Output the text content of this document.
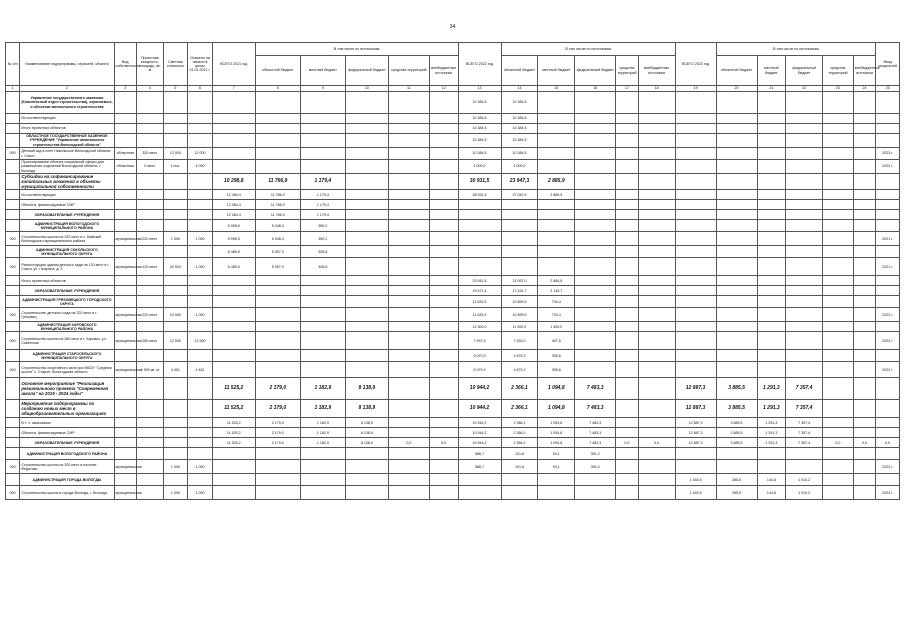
34
№ п/п	Наименование подпрограммы, отраслей, объекта	Вид собственности	Проектная мощность, площадь, кв. м	Сметная стоимость	Освоено на начало в ценах 01.01.2021 г.	ВСЕГО 2021 год	В том числе по источникам					ВСЕГО 2022 год	В том числе по источникам					ВСЕГО 2023 год	В том числе по источникам					Ввод мощностей
							областной бюджет	местный бюджет	федеральный бюджет	средства территорий	внебюджетные источники		областной бюджет	местный бюджет	федеральный бюджет	средства территорий	внебюджетные источники		областной бюджет	местный бюджет	федеральный бюджет	средства территорий	внебюджетные источники	
1	2	3	4	5	6	7	8	9	10	11	12	13	14	15	16	17	18	19	20	21	22	23	24	25
	Управление государственного заказчика (Комплексный отдел строительства), охраняемых, и объектов капитального строительства											10 384,5	10 384,5											
	Из соответствующих											10 384,5	10 384,5											
	Итого проектных объектов											10 384,5	10 384,5											
	ОБЛАСТНОЕ ГОСУДАРСТВЕННОЕ КАЗЕННОЕ УЧРЕЖДЕНИЕ "Управление капитального строительства Вологодской области"											10 384,5	10 384,5											
000	Детский сад в селе Никольское Вологодской области, г. Сокол	областная	320 мест	12 000	12 000							10 384,5	10 384,5											2023 г.
	Проектирование объекта социальной сферы для размещения отделений Вологодской области, г. Вологда	областная	0 мест	1 пос.	4 000							4 000,0	4 000,0											2022 г.
	Субсидии на софинансирование капитальных вложений в объекты муниципальной собственности					10 298,8	11 766,9	1 179,4				30 931,5	23 947,3	2 885,9										
	Из соответствующих					12 484,4	11 766,9	1 179,4				28 931,5	27 042,9	2 885,9										
	Объекты, финансируемые СМР					13 384,4	11 766,9	1 179,4																
	ОБРАЗОВАТЕЛЬНЫЕ УЧРЕЖДЕНИЯ					12 484,4	11 766,9	1 179,4																
	АДМИНИСТРАЦИЯ ВОЛОГОДСКОГО МУНИЦИПАЛЬНОГО РАЙОНА					5 998,5	5 048,3	950,2																
000	Строительство школы на 220 мест в с. Майский Вологодского муниципального района	муниципальная	220 мест	1 000	1 000	5 998,5	5 048,3	950,2																2021 г.
	АДМИНИСТРАЦИЯ СОКОЛЬСКОГО МУНИЦИПАЛЬНОГО ОКРУГА					6 485,9	5 957,3	528,6																
000	Реконструкция здания детского сада на 120 мест в г. Сокол, ул. Гагарина, д. 3	муниципальная	120 мест	20 534	1 000	6 485,9	5 957,3	528,6																2021 г.
	Итого проектных объектов											23 941,5	21 057,0	2 884,5										
	ОБРАЗОВАТЕЛЬНЫЕ УЧРЕЖДЕНИЯ											19 571,4	17 431,7	2 139,7										
	АДМИНИСТРАЦИЯ ГРЯЗОВЕЦКОГО ГОРОДСКОГО ОКРУГА											11 633,9	10 899,5	734,4										
000	Строительство детского сада на 220 мест в г. Грязовец	муниципальная	220 мест	10 000	1 000							11 633,9	10 899,5	734,4										2022 г.
	АДМИНИСТРАЦИЯ ХАРОВСКОГО МУНИЦИПАЛЬНОГО РАЙОНА											12 300,0	11 000,0	1 300,0										
000	Строительство школы на 280 мест в г. Харовск, ул. Советская	муниципальная	280 мест	12 500	12 500							7 937,5	7 530,0	407,5										2022 г.
	АДМИНИСТРАЦИЯ СТАРОСЕЛЬСКОГО МУНИЦИПАЛЬНОГО ОКРУГА											5 070,9	4 675,3	395,6										
000	Строительство спортивного зала при МБОУ "Средняя школа" с. Старое, Вологодская область	муниципальная	1 500 кв. м	4 451	4 451							5 070,9	4 675,3	395,6										2022 г.
	Основное мероприятие "Реализация регионального проекта "Современная школа" на 2019 - 2024 годы"					11 525,2	2 179,0	1 182,9	8 138,9			10 944,2	2 366,1	1 094,8	7 483,3			12 887,3	3 885,5	1 291,3	7 357,4			
	Мероприятия подпрограммы по созданию новых мест в общеобразовательных организациях					11 525,2	2 179,0	1 182,9	8 138,9			10 944,2	2 366,1	1 094,8	7 483,3			12 887,3	3 885,5	1 291,3	7 357,4			
	В т. ч. заказчиком					11 525,2	2 179,0	1 182,9	8 138,9			10 944,2	2 366,1	1 094,8	7 483,3			12 887,3	3 885,5	1 291,3	7 357,4			
	Объекты, финансируемые СМР					11 525,2	2 179,0	1 182,9	8 138,9			10 944,2	2 366,1	1 094,8	7 483,3			12 887,3	3 885,5	1 291,3	7 357,4			
	ОБРАЗОВАТЕЛЬНЫЕ УЧРЕЖДЕНИЯ					11 525,2	2 179,0	1 182,9	8 138,9	0,0	0,0	10 944,2	2 366,1	1 094,8	7 483,3	0,0	0,0	12 887,3	3 885,5	1 291,3	7 357,4	0,0	0,0	0,0
	АДМИНИСТРАЦИЯ ВОЛОГОДСКОГО РАЙОНА											586,7	101,6	94,1	391,0									
000	Строительство школы на 200 мест в поселке Федотово	муниципальная		1 000	1 000							586,7	101,6	94,1	391,0									2023 г.
	АДМИНИСТРАЦИЯ ГОРОДА ВОЛОГДЫ																	1 440,5	285,5	144,8	1 010,2			
000	Строительство школы в городе Вологда, г. Вологда	муниципальная		1 000	1 000													1 440,5	285,5	144,8	1 010,2			2023 г.
